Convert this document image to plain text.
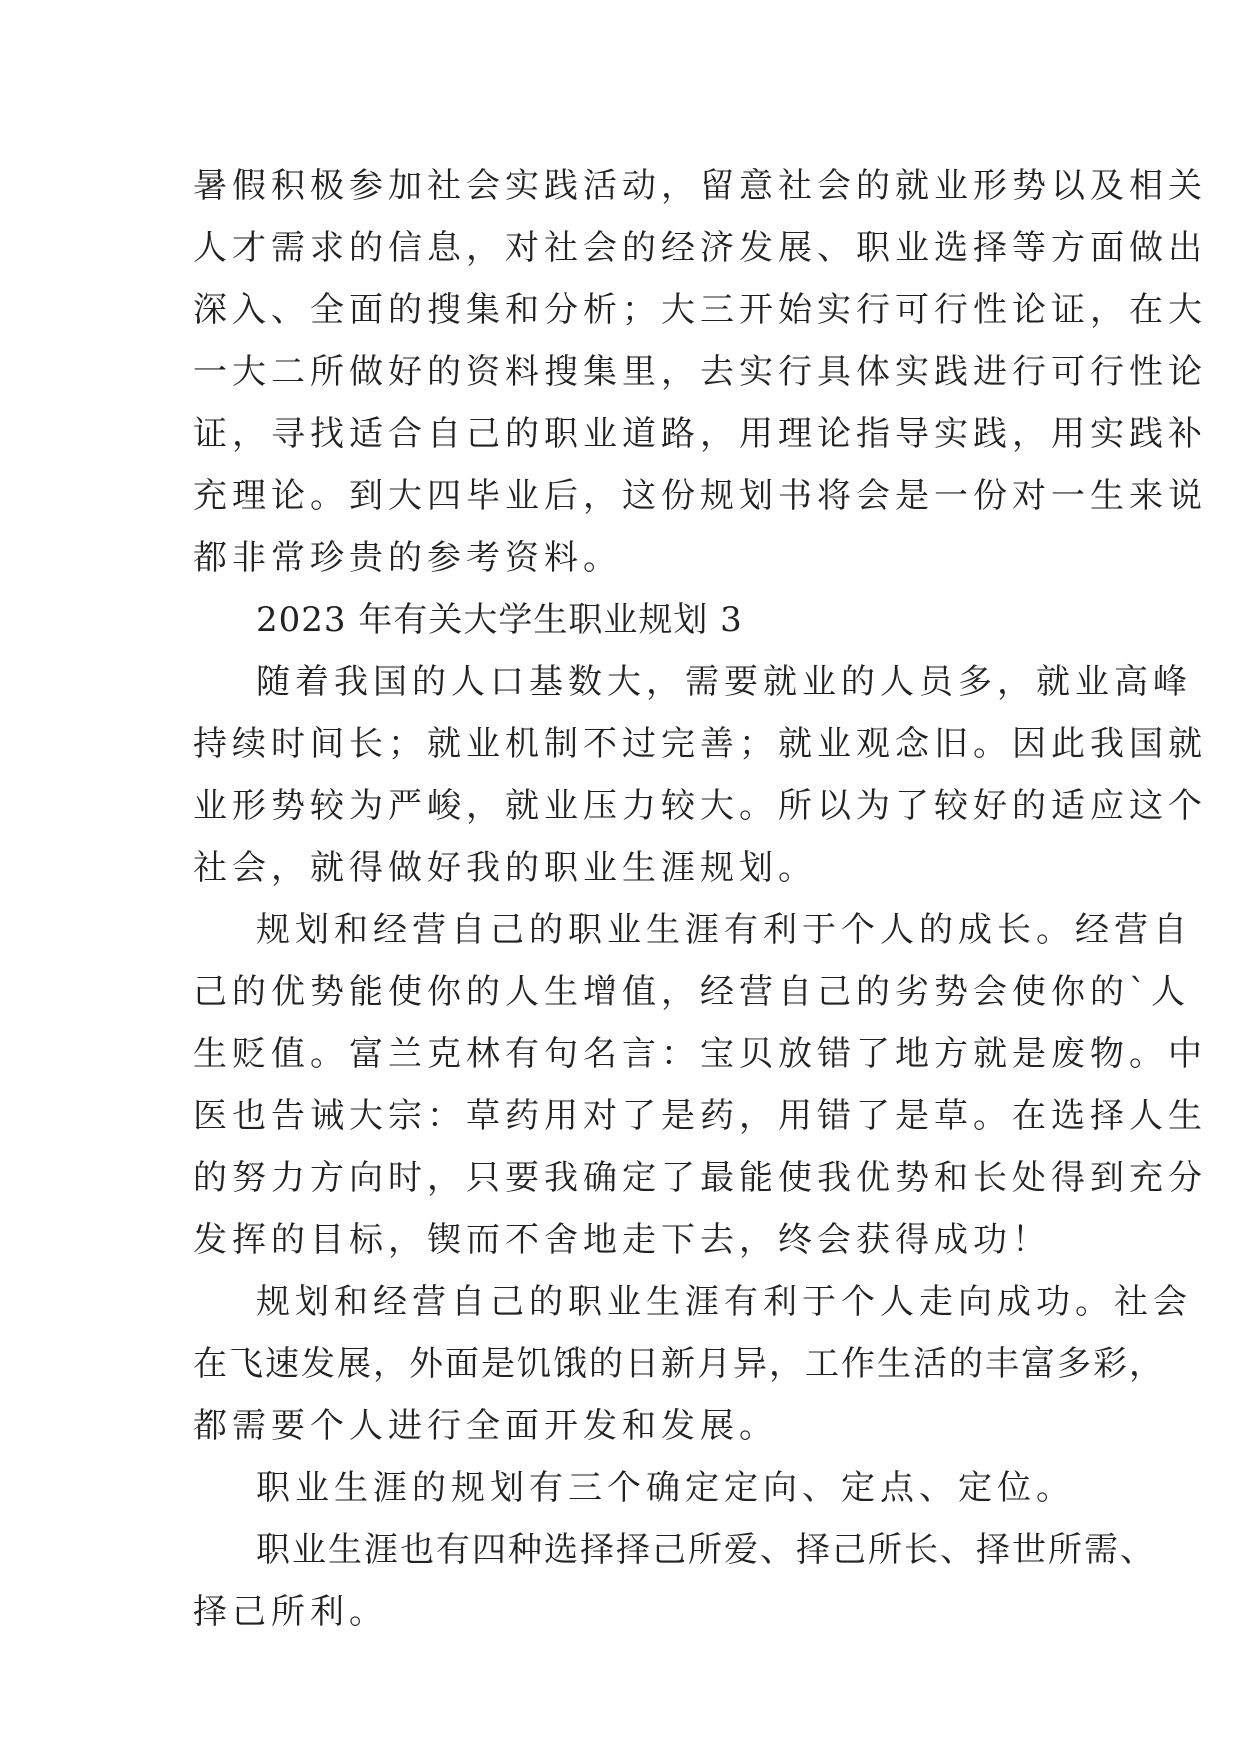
暑假积极参加社会实践活动，留意社会的就业形势以及相关
人才需求的信息，对社会的经济发展、职业选择等方面做出
深入、全面的搜集和分析；大三开始实行可行性论证，在大
一大二所做好的资料搜集里，去实行具体实践进行可行性论
证，寻找适合自己的职业道路，用理论指导实践，用实践补
充理论。到大四毕业后，这份规划书将会是一份对一生来说
都非常珍贵的参考资料。
2023 年有关大学生职业规划 3
随着我国的人口基数大，需要就业的人员多，就业高峰
持续时间长；就业机制不过完善；就业观念旧。因此我国就
业形势较为严峻，就业压力较大。所以为了较好的适应这个
社会，就得做好我的职业生涯规划。
规划和经营自己的职业生涯有利于个人的成长。经营自
己的优势能使你的人生增值，经营自己的劣势会使你的`人
生贬值。富兰克林有句名言：宝贝放错了地方就是废物。中
医也告诫大宗：草药用对了是药，用错了是草。在选择人生
的努力方向时，只要我确定了最能使我优势和长处得到充分
发挥的目标，锲而不舍地走下去，终会获得成功！
规划和经营自己的职业生涯有利于个人走向成功。社会
在飞速发展，外面是饥饿的日新月异，工作生活的丰富多彩，
都需要个人进行全面开发和发展。
职业生涯的规划有三个确定定向、定点、定位。
职业生涯也有四种选择择己所爱、择己所长、择世所需、
择己所利。
